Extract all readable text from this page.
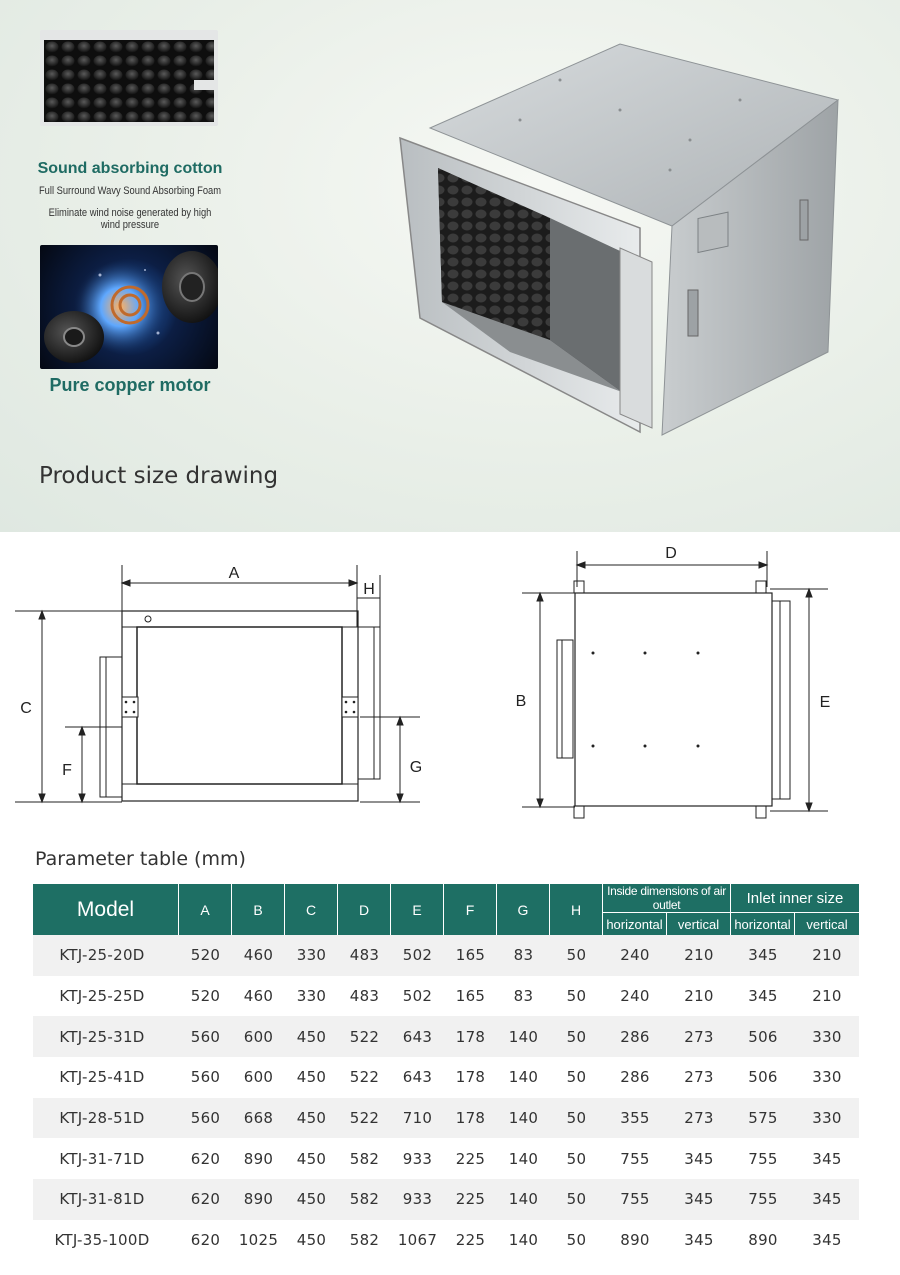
Sound absorbing cotton
Full Surround Wavy Sound Absorbing Foam
Eliminate wind noise generated by high wind pressure
Pure copper motor
Product size drawing
A
H
C
F	G
D
B	E
Parameter table (mm)
Model	A	B	C	D	E	F	G	H	Inside dimensions of air outlet		Inlet inner size	
									horizontal	vertical	horizontal	vertical
KTJ-25-20D	520	460	330	483	502	165	83	50	240	210	345	210
KTJ-25-25D	520	460	330	483	502	165	83	50	240	210	345	210
KTJ-25-31D	560	600	450	522	643	178	140	50	286	273	506	330
KTJ-25-41D	560	600	450	522	643	178	140	50	286	273	506	330
KTJ-28-51D	560	668	450	522	710	178	140	50	355	273	575	330
KTJ-31-71D	620	890	450	582	933	225	140	50	755	345	755	345
KTJ-31-81D	620	890	450	582	933	225	140	50	755	345	755	345
KTJ-35-100D	620	1025	450	582	1067	225	140	50	890	345	890	345
